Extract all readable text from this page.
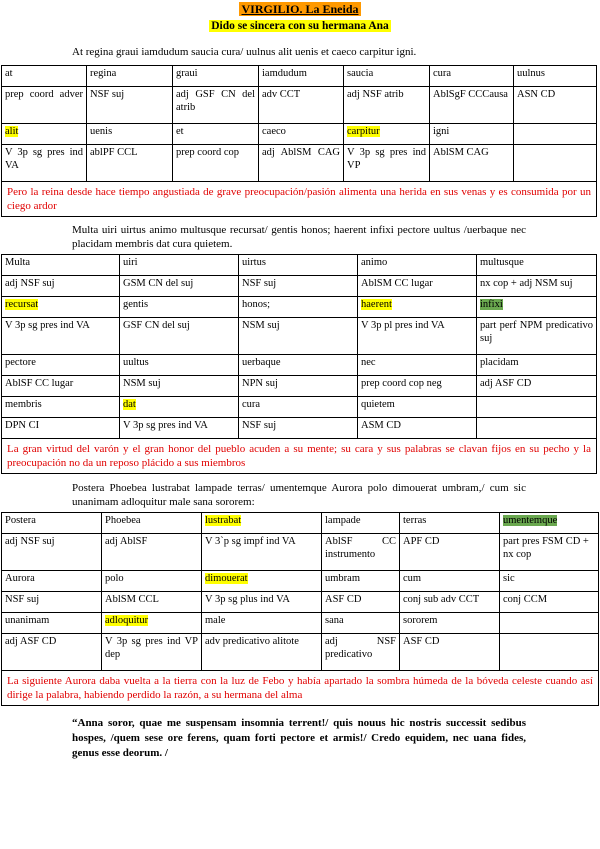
VIRGILIO. La Eneida
Dido se sincera con su hermana Ana
At regina graui iamdudum saucia cura/ uulnus alit uenis et caeco carpitur igni.
at	regina	graui	iamdudum	saucia	cura	uulnus
prep coord adver	NSF suj	adj GSF CN del atrib	adv CCT	adj NSF atrib	AblSgF CCCausa	ASN CD
alit	uenis	et	caeco	carpitur	igni	
V 3p sg pres ind VA	ablPF CCL	prep coord cop	adj AblSM CAG	V 3p sg pres ind VP	AblSM CAG	
Pero la reina desde hace tiempo angustiada de grave preocupación/pasión alimenta una herida en sus venas y es consumida por un ciego ardor						
Multa uiri uirtus animo multusque recursat/ gentis honos; haerent infixi pectore uultus /uerbaque nec placidam membris dat cura quietem.
Multa	uiri	uirtus	animo	multusque
adj NSF suj	GSM CN del suj	NSF suj	AblSM CC lugar	nx cop + adj NSM suj
recursat	gentis	honos;	haerent	infixi
V 3p sg pres ind VA	GSF CN del suj	NSM suj	V 3p pl pres ind VA	part perf NPM predicativo suj
pectore	uultus	uerbaque	nec	placidam
AblSF CC lugar	NSM suj	NPN suj	prep coord cop neg	adj ASF CD
membris	dat	cura	quietem	
DPN CI	V 3p sg pres ind VA	NSF suj	ASM CD	
La gran virtud del varón y el gran honor del pueblo acuden a su mente; su cara y sus palabras se clavan fijos en su pecho y la preocupación no da un reposo plácido a sus miembros				
Postera Phoebea lustrabat lampade terras/ umentemque Aurora polo dimouerat umbram,/ cum sic unanimam adloquitur male sana sororem:
Postera	Phoebea	lustrabat	lampade	terras	umentemque
adj NSF suj	adj AblSF	V 3`p sg impf ind VA	AblSF CC instrumento	APF CD	part pres FSM CD + nx cop
Aurora	polo	dimouerat	umbram	cum	sic
NSF suj	AblSM CCL	V 3p sg plus ind VA	ASF CD	conj sub adv CCT	conj CCM
unanimam	adloquitur	male	sana	sororem	
adj ASF CD	V 3p sg pres ind VP dep	adv predicativo alitote	adj NSF predicativo	ASF CD	
La siguiente Aurora daba vuelta a la tierra con la luz de Febo y había apartado la sombra húmeda de la bóveda celeste cuando así dirige la palabra, habiendo perdido la razón, a su hermana del alma					
“Anna soror, quae me suspensam insomnia terrent!/ quis nouus hic nostris successit sedibus hospes, /quem sese ore ferens, quam forti pectore et armis!/ Credo equidem, nec uana fides, genus esse deorum. /
